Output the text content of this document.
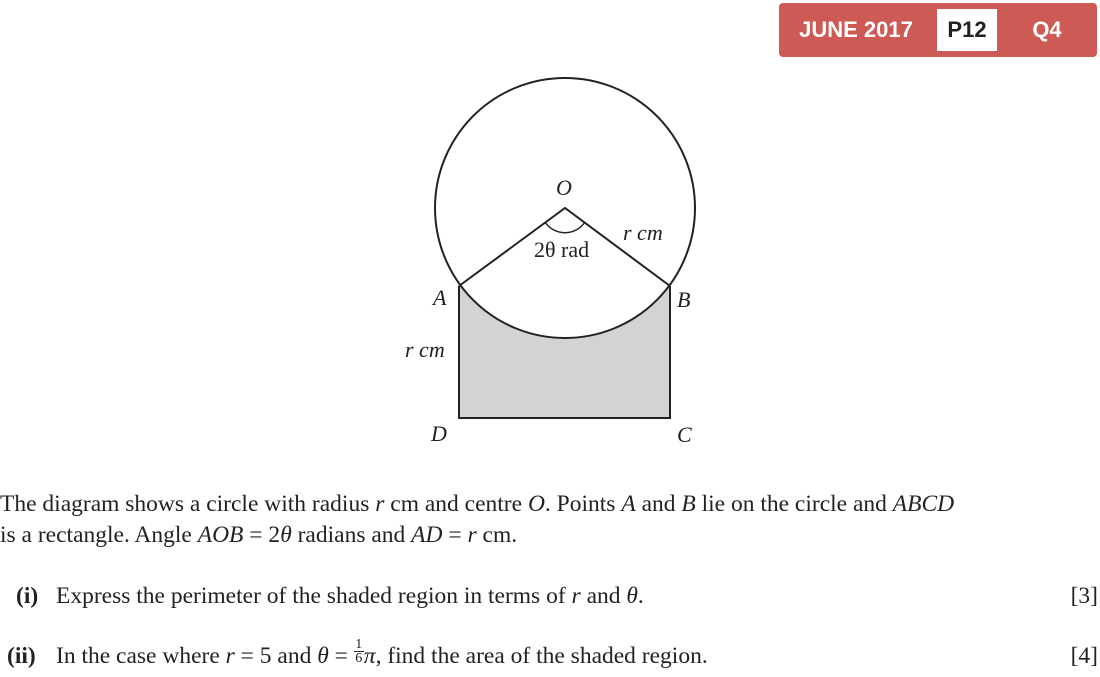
JUNE 2017	P12	Q4
O
2θ rad
r cm
A	B
r cm
D	C
The diagram shows a circle with radius r cm and centre O. Points A and B lie on the circle and ABCD
is a rectangle. Angle AOB = 2θ radians and AD = r cm.
(i) Express the perimeter of the shaded region in terms of r and θ.	[3]
(ii) In the case where r = 5 and $\theta = \frac{1}{6} \pi$, find the area of the shaded region.	[4]
